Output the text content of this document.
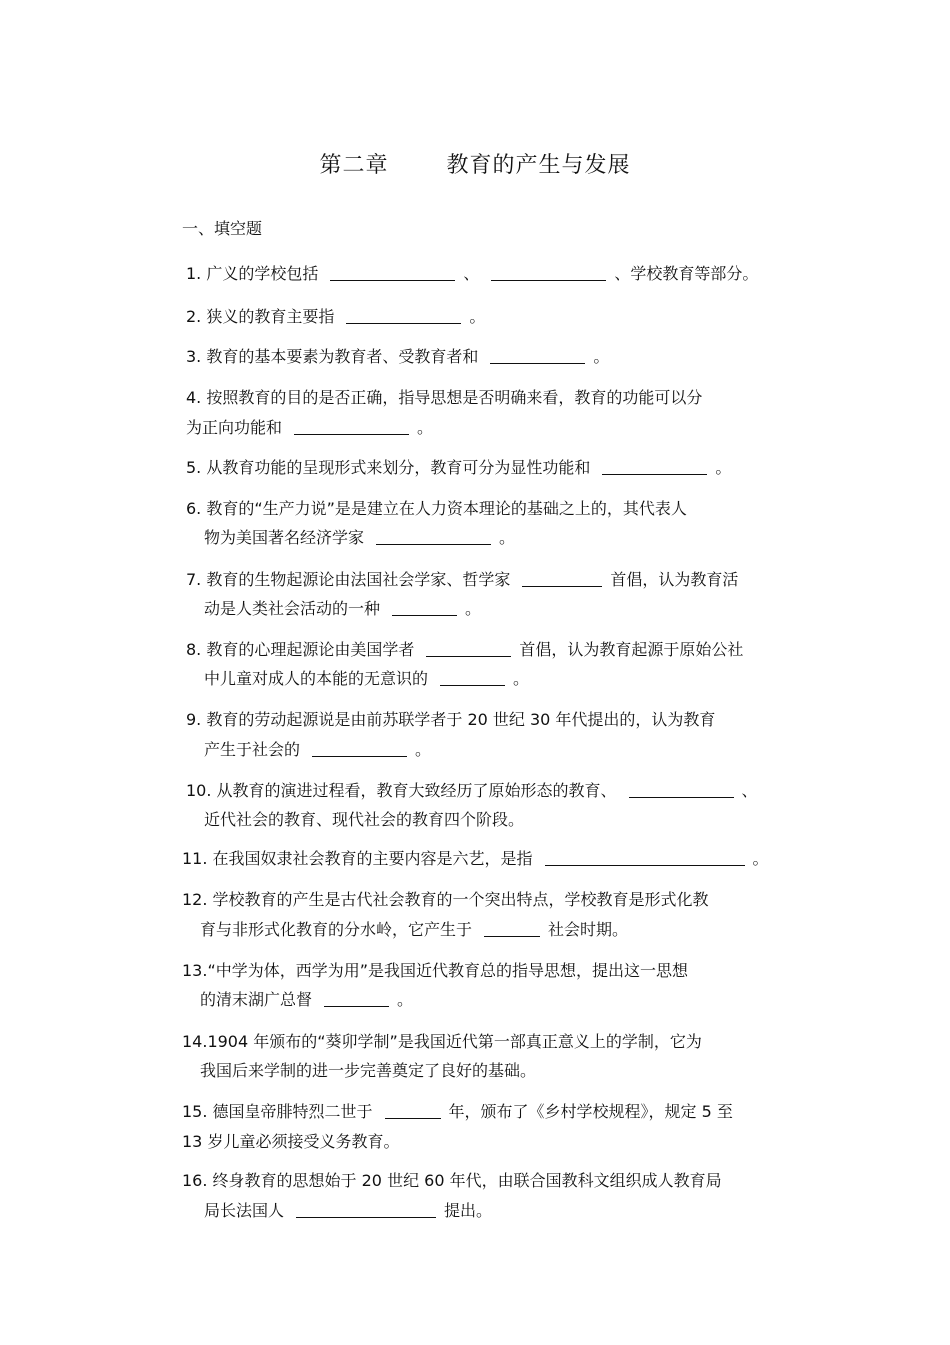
第二章	教育的产生与发展
一、填空题
1. 广义的学校包括	、	、学校教育等部分。
2. 狭义的教育主要指	。
3. 教育的基本要素为教育者、受教育者和	。
4. 按照教育的目的是否正确，指导思想是否明确来看，教育的功能可以分
为正向功能和	。
5. 从教育功能的呈现形式来划分，教育可分为显性功能和	。
6. 教育的“生产力说”是是建立在人力资本理论的基础之上的，其代表人
物为美国著名经济学家	。
7. 教育的生物起源论由法国社会学家、哲学家	首倡，认为教育活
动是人类社会活动的一种	。
8. 教育的心理起源论由美国学者	首倡，认为教育起源于原始公社
中儿童对成人的本能的无意识的	。
9. 教育的劳动起源说是由前苏联学者于 20 世纪 30 年代提出的，认为教育
产生于社会的	。
10. 从教育的演进过程看，教育大致经历了原始形态的教育、	、
近代社会的教育、现代社会的教育四个阶段。
11. 在我国奴隶社会教育的主要内容是六艺，是指	。
12. 学校教育的产生是古代社会教育的一个突出特点，学校教育是形式化教
育与非形式化教育的分水岭，它产生于	社会时期。
13.“中学为体，西学为用”是我国近代教育总的指导思想，提出这一思想
的清末湖广总督	。
14.1904 年颁布的“葵卯学制”是我国近代第一部真正意义上的学制，它为
我国后来学制的进一步完善奠定了良好的基础。
15. 德国皇帝腓特烈二世于	年，颁布了《乡村学校规程》，规定 5 至
13 岁儿童必须接受义务教育。
16. 终身教育的思想始于 20 世纪 60 年代，由联合国教科文组织成人教育局
局长法国人	提出。
